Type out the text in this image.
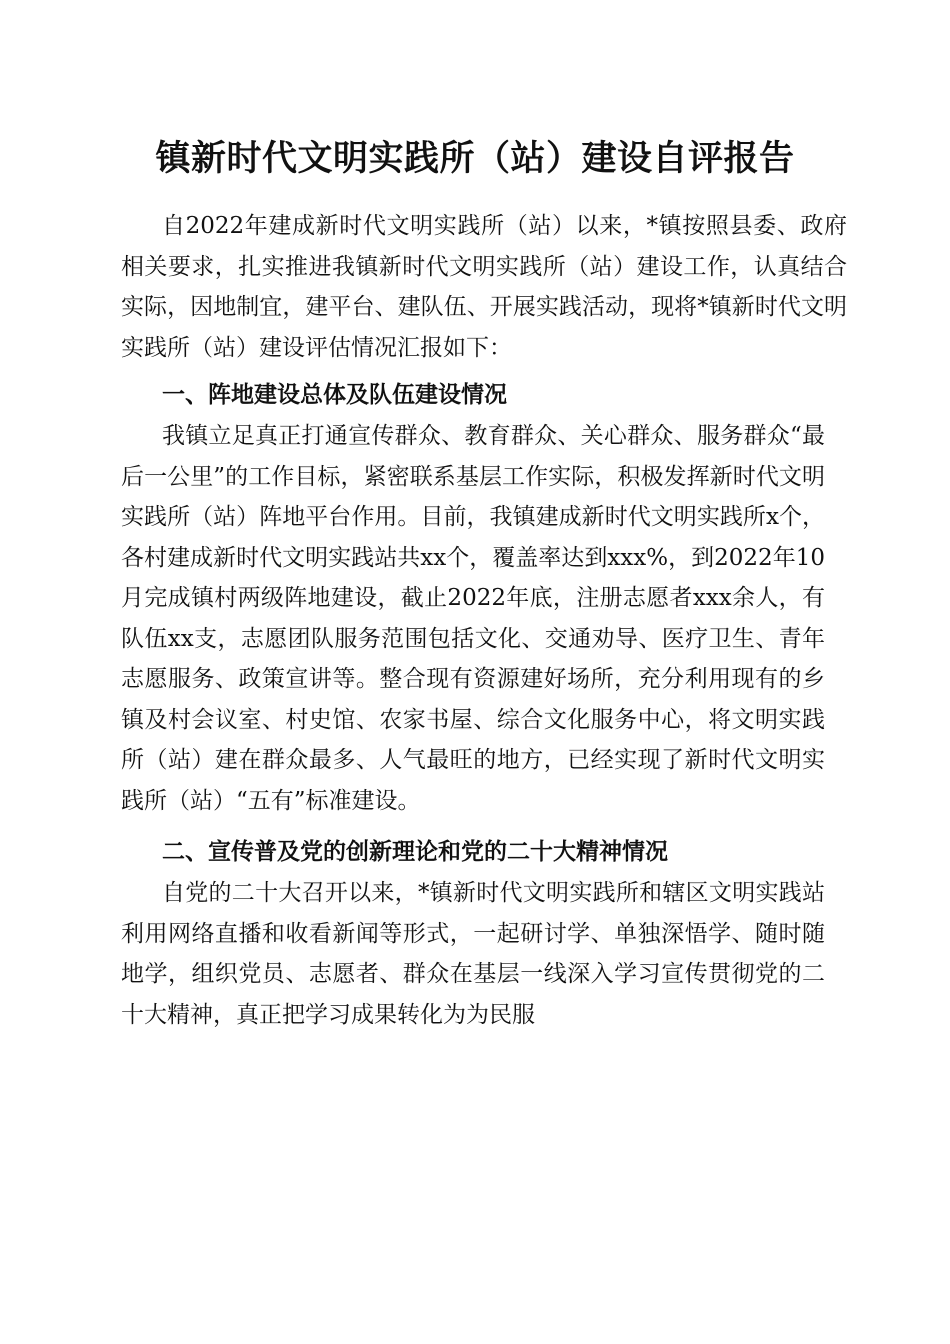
镇新时代文明实践所（站）建设自评报告

自2022年建成新时代文明实践所（站）以来，*镇按照县委、政府相关要求，扎实推进我镇新时代文明实践所（站）建设工作，认真结合实际，因地制宜，建平台、建队伍、开展实践活动，现将*镇新时代文明实践所（站）建设评估情况汇报如下：

一、阵地建设总体及队伍建设情况

我镇立足真正打通宣传群众、教育群众、关心群众、服务群众“最后一公里”的工作目标，紧密联系基层工作实际，积极发挥新时代文明实践所（站）阵地平台作用。目前，我镇建成新时代文明实践所x个，各村建成新时代文明实践站共xx个，覆盖率达到xxx%，到2022年10月完成镇村两级阵地建设，截止2022年底，注册志愿者xxx余人，有队伍xx支，志愿团队服务范围包括文化、交通劝导、医疗卫生、青年志愿服务、政策宣讲等。整合现有资源建好场所，充分利用现有的乡镇及村会议室、村史馆、农家书屋、综合文化服务中心，将文明实践所（站）建在群众最多、人气最旺的地方，已经实现了新时代文明实践所（站）“五有”标准建设。

二、宣传普及党的创新理论和党的二十大精神情况

自党的二十大召开以来，*镇新时代文明实践所和辖区文明实践站利用网络直播和收看新闻等形式，一起研讨学、单独深悟学、随时随地学，组织党员、志愿者、群众在基层一线深入学习宣传贯彻党的二十大精神，真正把学习成果转化为为民服
